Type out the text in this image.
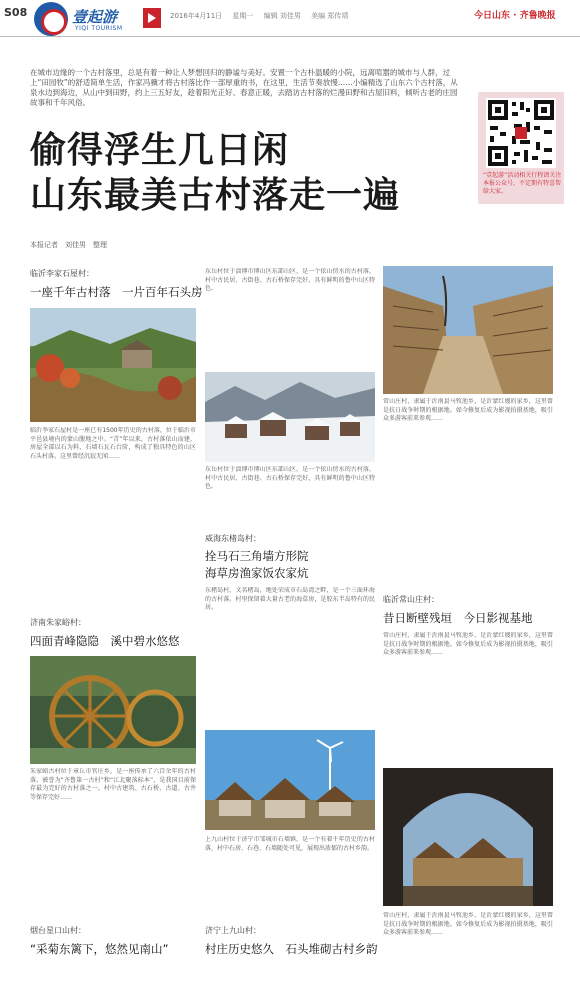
S08	壹起游
YIQI TOURISM
2016年4月11日 星期一 编辑 刘佳男 美编 郑传靖	今日山东 · 齐鲁晚报
在城市边缘的一个古村落里，总是有着一种让人梦想回归的静谧与美好。安置一个古朴温暖的小院，远离喧嚣的城市与人群，过上“田园牧”的舒适简单生活，作家冯骥才将古村落比作一部厚重的书，在这里，生活节奏放慢……小编精选了山东六个古村落，从泉水边到海边，从山中到田野，约上三五好友，趁着阳光正好、春意正暖，去踏访古村落的烂漫田野和古屋旧料，倾听古老的庄园故事和千年风俗。
“壹起游”活动相关行程请关注本报公众号，不定期有特喜帮给大家。
偷得浮生几日闲
山东最美古村落走一遍
本报记者　刘佳男　整理
临沂李家石屋村：
一座千年古村落　一片百年石头房
临沂李家石屋村是一座已有1500年历史的古村落，位于临沂市平邑县境内的蒙山腹地之中。“青”年以来，古村落依山而建，房屋全部以石为料，石墙石瓦石台阶，构成了独具特色的山区石头村落。这里曾经沉寂无闻……
济南朱家峪村：
四面青峰隐隐　溪中碧水悠悠
朱家峪古村位于章丘市官庄乡，是一座传承了六百余年的古村落，被誉为“齐鲁第一古村”和“江北聚落标本”，是我国目前保存最为完好的古村落之一。村中古建筑、古石桥、古道、古井等保存完好……
烟台星口山村：
“采菊东篱下，悠然见南山”
东岳村位于淄博市博山区东部山区，是一个依山傍水的古村落，村中古民居、古街巷、古石桥保存完好，具有鲜明的鲁中山区特色。
东岳村位于淄博市博山区东部山区，是一个依山傍水的古村落，村中古民居、古街巷、古石桥保存完好，具有鲜明的鲁中山区特色。
威海东楮岛村：
拴马石三角墙方形院
海草房渔家饭农家炕
东楮岛村，又名楮岛，地处荣成市石岛湾之畔，是一个三面环海的古村落。村里保留着大量古老的海草房，是胶东半岛特有的民居。
上九山村位于济宁市邹城市石墙镇，是一个有着千年历史的古村落，村中石房、石巷、石墙随处可见，展现出浓郁的古村乡韵。
济宁上九山村：
村庄历史悠久　石头堆砌古村乡韵
常山庄村，隶属于沂南县马牧池乡，是沂蒙红嫂的家乡，这里曾是抗日战争时期的根据地。如今修复后成为影视拍摄基地，吸引众多游客前来参观……
临沂常山庄村：
昔日断壁残垣　今日影视基地
常山庄村，隶属于沂南县马牧池乡，是沂蒙红嫂的家乡，这里曾是抗日战争时期的根据地。如今修复后成为影视拍摄基地，吸引众多游客前来参观……
常山庄村，隶属于沂南县马牧池乡，是沂蒙红嫂的家乡，这里曾是抗日战争时期的根据地。如今修复后成为影视拍摄基地，吸引众多游客前来参观……
